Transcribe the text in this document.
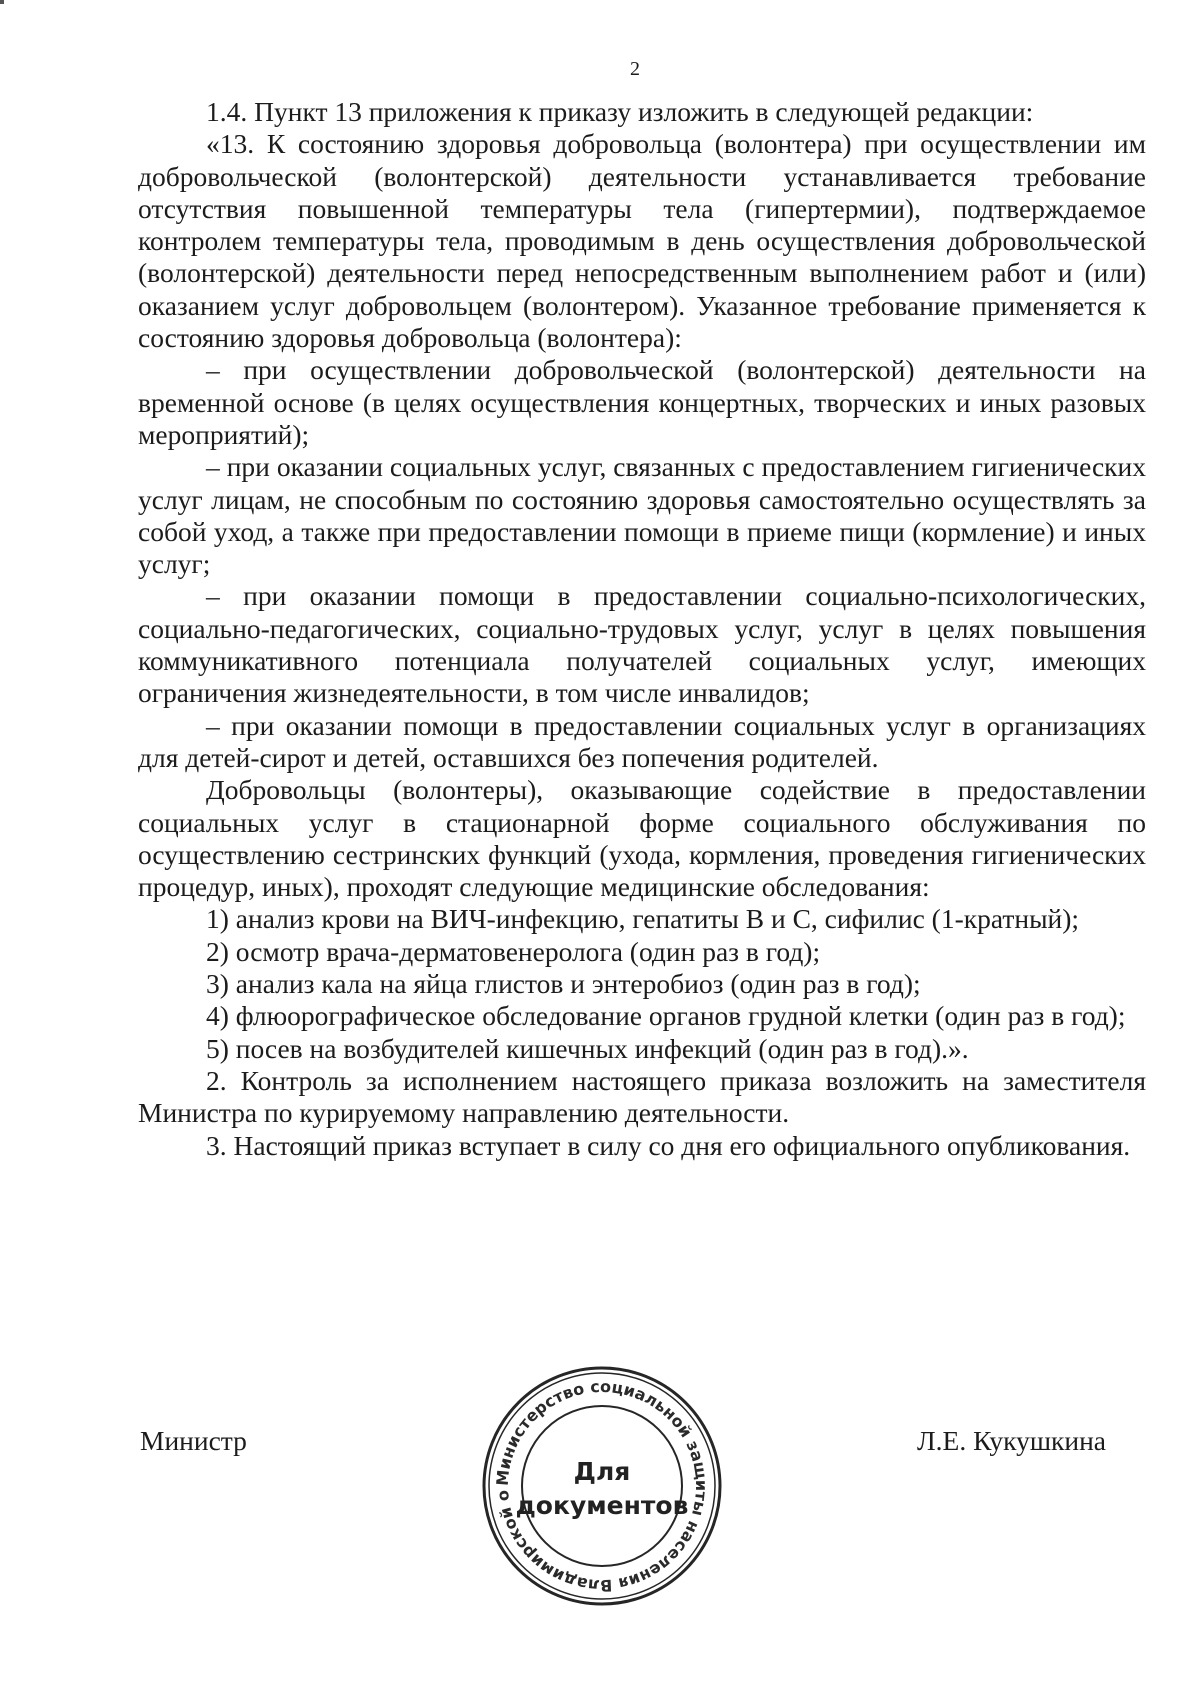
2

1.4. Пункт 13 приложения к приказу изложить в следующей редакции:

«13. К состоянию здоровья добровольца (волонтера) при осуществлении им добровольческой (волонтерской) деятельности устанавливается требование отсутствия повышенной температуры тела (гипертермии), подтверждаемое контролем температуры тела, проводимым в день осуществления добровольческой (волонтерской) деятельности перед непосредственным выполнением работ и (или) оказанием услуг добровольцем (волонтером). Указанное требование применяется к состоянию здоровья добровольца (волонтера):

– при осуществлении добровольческой (волонтерской) деятельности на временной основе (в целях осуществления концертных, творческих и иных разовых мероприятий);

– при оказании социальных услуг, связанных с предоставлением гигиенических услуг лицам, не способным по состоянию здоровья самостоятельно осуществлять за собой уход, а также при предоставлении помощи в приеме пищи (кормление) и иных услуг;

– при оказании помощи в предоставлении социально-психологических, социально-педагогических, социально-трудовых услуг, услуг в целях повышения коммуникативного потенциала получателей социальных услуг, имеющих ограничения жизнедеятельности, в том числе инвалидов;

– при оказании помощи в предоставлении социальных услуг в организациях для детей-сирот и детей, оставшихся без попечения родителей.

Добровольцы (волонтеры), оказывающие содействие в предоставлении социальных услуг в стационарной форме социального обслуживания по осуществлению сестринских функций (ухода, кормления, проведения гигиенических процедур, иных), проходят следующие медицинские обследования:

1) анализ крови на ВИЧ-инфекцию, гепатиты В и С, сифилис (1-кратный);

2) осмотр врача-дерматовенеролога (один раз в год);

3) анализ кала на яйца глистов и энтеробиоз (один раз в год);

4) флюорографическое обследование органов грудной клетки (один раз в год);

5) посев на возбудителей кишечных инфекций (один раз в год).».

2. Контроль за исполнением настоящего приказа возложить на заместителя Министра по курируемому направлению деятельности.

3. Настоящий приказ вступает в силу со дня его официального опубликования.

Министр	Л.Е. Кукушкина
Министерство социальной защиты населения Владимирской о
Для
документов
